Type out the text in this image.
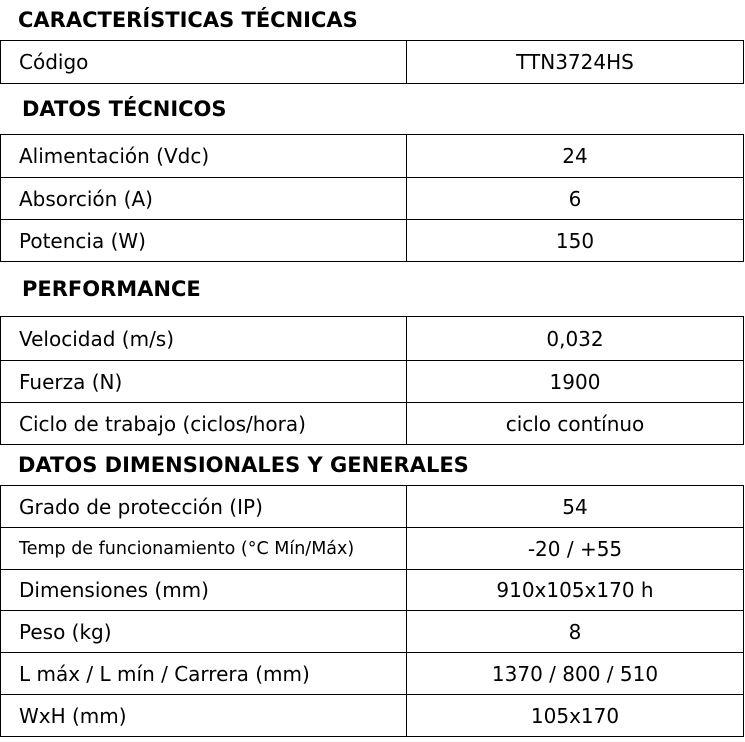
CARACTERÍSTICAS TÉCNICAS
Código	TTN3724HS
DATOS TÉCNICOS
Alimentación (Vdc)	24
Absorción (A)	6
Potencia (W)	150
PERFORMANCE
Velocidad (m/s)	0,032
Fuerza (N)	1900
Ciclo de trabajo (ciclos/hora)	ciclo contínuo
DATOS DIMENSIONALES Y GENERALES
Grado de protección (IP)	54
Temp de funcionamiento (°C Mín/Máx)	-20 / +55
Dimensiones (mm)	910x105x170 h
Peso (kg)	8
L máx / L mín / Carrera (mm)	1370 / 800 / 510
WxH (mm)	105x170
